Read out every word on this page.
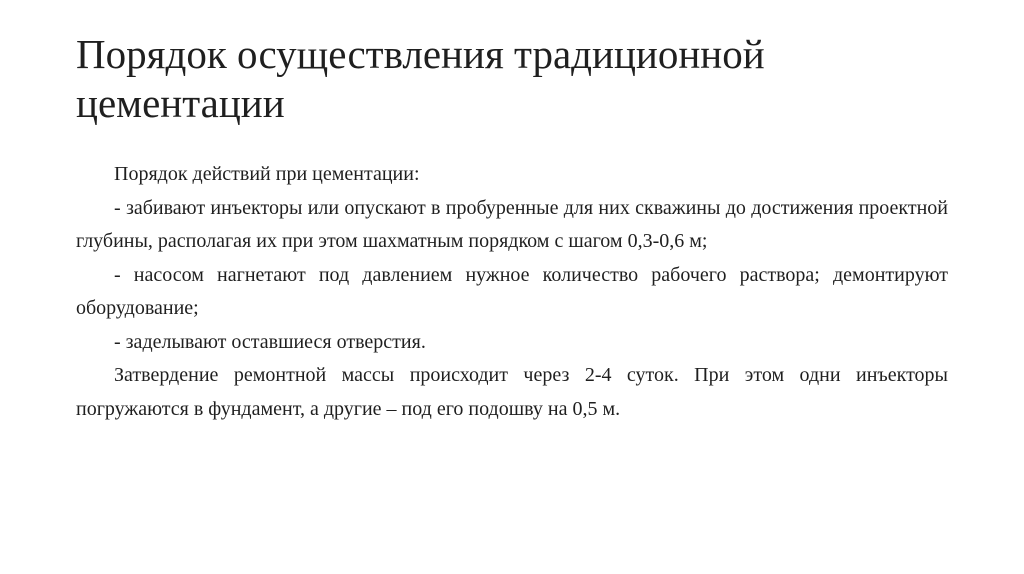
Порядок осуществления традиционной
цементации

Порядок действий при цементации:

- забивают инъекторы или опускают в пробуренные для них скважины до достижения проектной глубины, располагая их при этом шахматным порядком с шагом 0,3-0,6 м;

- насосом нагнетают под давлением нужное количество рабочего раствора; демонтируют оборудование;

- заделывают оставшиеся отверстия.

Затвердение ремонтной массы происходит через 2-4 суток. При этом одни инъекторы погружаются в фундамент, а другие – под его подошву на 0,5 м.
